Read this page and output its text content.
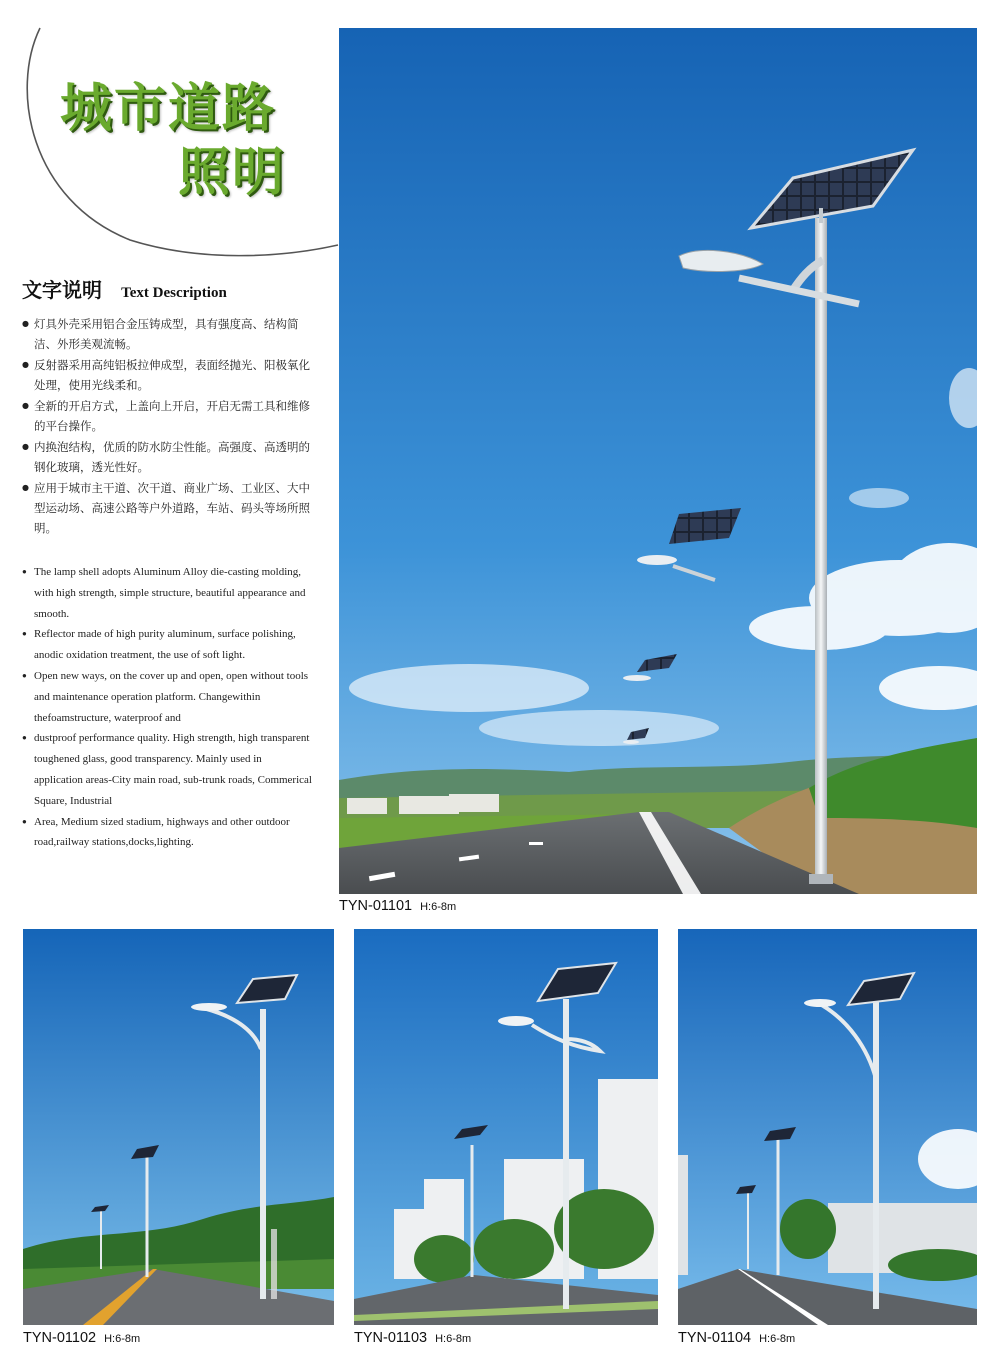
城市道路
照明
文字说明 Text Description
● 灯具外壳采用铝合金压铸成型，具有强度高、结构简洁、外形美观流畅。
● 反射器采用高纯铝板拉伸成型，表面经抛光、阳极氧化处理，使用光线柔和。
● 全新的开启方式，上盖向上开启，开启无需工具和维修的平台操作。
● 内换泡结构，优质的防水防尘性能。高强度、高透明的钢化玻璃，透光性好。
● 应用于城市主干道、次干道、商业广场、工业区、大中型运动场、高速公路等户外道路，车站、码头等场所照明。
● The lamp shell adopts Aluminum Alloy die-casting molding, with high strength, simple structure, beautiful appearance and smooth.
● Reflector made of high purity aluminum, surface polishing, anodic oxidation treatment, the use of soft light.
● Open new ways, on the cover up and open, open without tools and maintenance operation platform. Changewithin thefoamstructure, waterproof and
● dustproof performance quality. High strength, high transparent toughened glass, good transparency. Mainly used in application areas-City main road, sub-trunk roads, Commerical Square, Industrial
● Area, Medium sized stadium, highways and other outdoor road,railway stations,docks,lighting.
TYN-01101 H:6-8m
TYN-01102 H:6-8m	TYN-01103 H:6-8m	TYN-01104 H:6-8m
